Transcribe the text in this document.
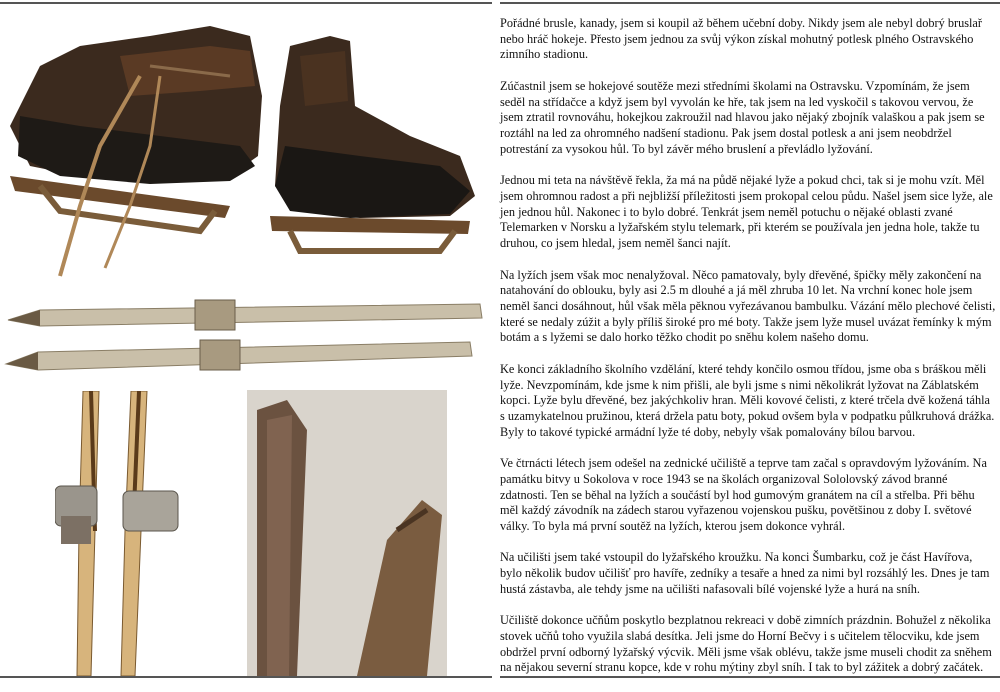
Pořádné brusle, kanady, jsem si koupil až během učební doby. Nikdy jsem ale nebyl dobrý bruslař nebo hráč hokeje. Přesto jsem jednou za svůj výkon získal mohutný potlesk plného Ostravského zimního stadionu.

Zúčastnil jsem se hokejové soutěže mezi středními školami na Ostravsku. Vzpomínám, že jsem seděl na střídačce a když jsem byl vyvolán ke hře, tak jsem na led vyskočil s takovou vervou, že jsem ztratil rovnováhu, hokejkou zakroužil nad hlavou jako nějaký zbojník valaškou a pak jsem se roztáhl na led za ohromného nadšení stadionu. Pak jsem dostal potlesk a ani jsem neobdržel potrestání za vysokou hůl. To byl závěr mého bruslení a převládlo lyžování.

Jednou mi teta na návštěvě řekla, ža má na půdě nějaké lyže a pokud chci, tak si je mohu vzít. Měl jsem ohromnou radost a při nejbližší příležitosti jsem prokopal celou půdu. Našel jsem sice lyže, ale jen jednou hůl. Nakonec i to bylo dobré. Tenkrát jsem neměl potuchu o nějaké oblasti zvané Telemarken v Norsku a lyžařském stylu telemark, při kterém se používala jen jedna hole, takže tu druhou, co jsem hledal, jsem neměl šanci najít.

Na lyžích jsem však moc nenalyžoval. Něco pamatovaly, byly dřevěné, špičky měly zakončení na natahování do oblouku, byly asi 2.5 m dlouhé a já měl zhruba 10 let. Na vrchní konec hole jsem neměl šanci dosáhnout, hůl však měla pěknou vyřezávanou bambulku. Vázání mělo plechové čelisti, které se nedaly zúžit a byly příliš široké pro mé boty. Takže jsem lyže musel uvázat řemínky k mým botám a s lyžemi se dalo horko těžko chodit po sněhu kolem našeho domu.

Ke konci základního školního vzdělání, které tehdy končilo osmou třídou, jsme oba s bráškou měli lyže. Nevzpomínám, kde jsme k nim přišli, ale byli jsme s nimi několikrát lyžovat na Záblatském kopci. Lyže bylu dřevěné, bez jakýchkoliv hran. Měli kovové čelisti, z které trčela dvě kožená táhla s uzamykatelnou pružinou, která držela patu boty, pokud ovšem byla v podpatku půlkruhová drážka. Byly to takové typické armádní lyže té doby, nebyly však pomalovány bílou barvou.

Ve čtrnácti létech jsem odešel na zednické učiliště a teprve tam začal s opravdovým lyžováním. Na památku bitvy u Sokolova v roce 1943 se na školách organizoval Sololovský závod branné zdatnosti. Ten se běhal na lyžích a součástí byl hod gumovým granátem na cíl a střelba. Při běhu měl každý závodník na zádech starou vyřazenou vojenskou pušku, povětšinou z doby I. světové války. To byla má první soutěž na lyžích, kterou jsem dokonce vyhrál.

Na učilišti jsem také vstoupil do lyžařského kroužku. Na konci Šumbarku, což je část Havířova, bylo několik budov učilišť pro havíře, zedníky a tesaře a hned za nimi byl rozsáhlý les. Dnes je tam hustá zástavba, ale tehdy jsme na učilišti nafasovali bílé vojenské lyže a hurá na sníh.

Učiliště dokonce učňům poskytlo bezplatnou rekreaci v době zimních prázdnin. Bohužel z několika stovek učňů toho využila slabá desítka. Jeli jsme do Horní Bečvy i s učitelem tělocviku, kde jsem obdržel první odborný lyžařský výcvik. Měli jsme však oblévu, takže jsme museli chodit za sněhem na nějakou severní stranu kopce, kde v rohu mýtiny zbyl sníh. I tak to byl zážitek a dobrý začátek.
